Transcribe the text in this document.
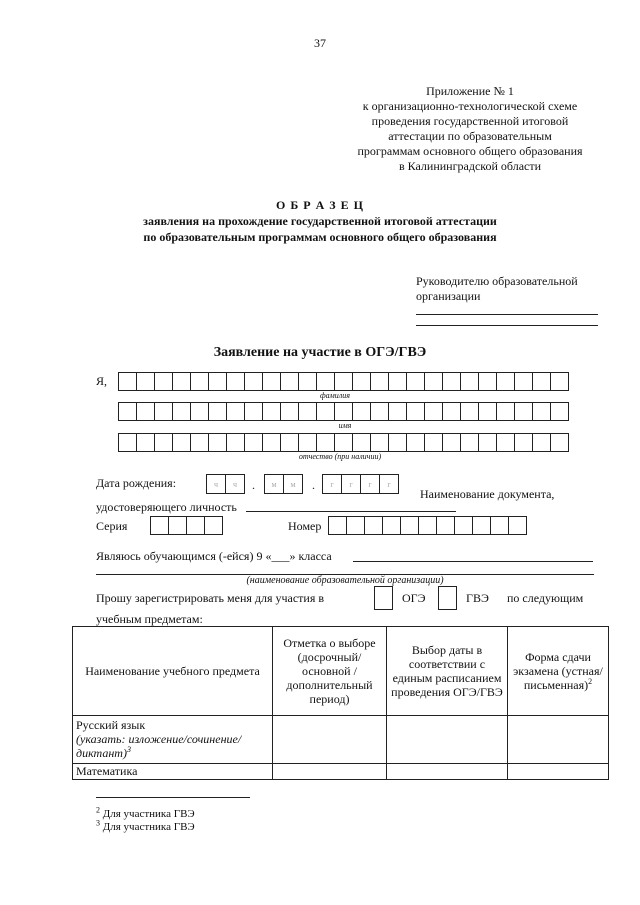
37
Приложение № 1
к организационно-технологической схеме
проведения государственной итоговой
аттестации по образовательным
программам основного общего образования
в Калининградской области
О Б Р А З Е Ц
заявления на прохождение государственной итоговой аттестации
по образовательным программам основного общего образования
Руководителю образовательной
организации
Заявление на участие в ОГЭ/ГВЭ
Я,
фамилия
имя
отчество (при наличии)
Дата рождения:	ч	ч	.	м	м	.	г	г	г	г
Наименование документа,
удостоверяющего личность
Серия	Номер
Являюсь обучающимся (-ейся) 9 «___» класса
(наименование образовательной организации)
Прошу зарегистрировать меня для участия в	ОГЭ	ГВЭ по следующим
учебным предметам:
Наименование учебного предмета	Отметка о выборе (досрочный/ основной / дополнительный период)	Выбор даты в соответствии с единым расписанием проведения ОГЭ/ГВЭ	Форма сдачи экзамена (устная/ письменная)$^2$

Русский язык
(указать: изложение/сочинение/диктант)$^3$

Математика			
$^2$ Для участника ГВЭ
$^3$ Для участника ГВЭ
